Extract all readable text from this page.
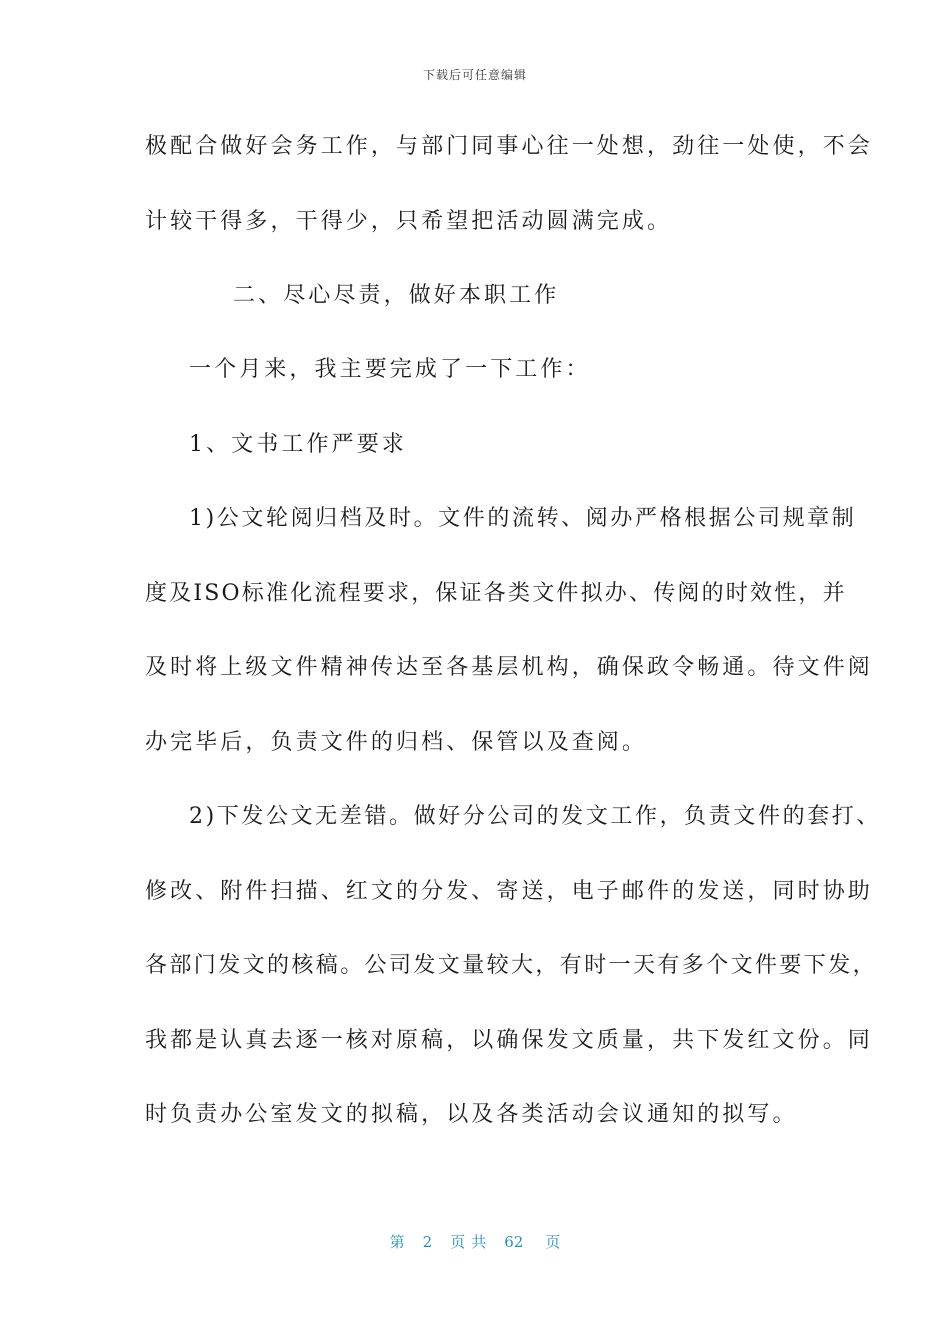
下载后可任意编辑
极配合做好会务工作，与部门同事心往一处想，劲往一处使，不会
计较干得多，干得少，只希望把活动圆满完成。
二、尽心尽责，做好本职工作
一个月来，我主要完成了一下工作：
1、文书工作严要求
1)公文轮阅归档及时。文件的流转、阅办严格根据公司规章制
度及ISO标准化流程要求，保证各类文件拟办、传阅的时效性，并
及时将上级文件精神传达至各基层机构，确保政令畅通。待文件阅
办完毕后，负责文件的归档、保管以及查阅。
2)下发公文无差错。做好分公司的发文工作，负责文件的套打、
修改、附件扫描、红文的分发、寄送，电子邮件的发送，同时协助
各部门发文的核稿。公司发文量较大，有时一天有多个文件要下发，
我都是认真去逐一核对原稿，以确保发文质量，共下发红文份。同
时负责办公室发文的拟稿，以及各类活动会议通知的拟写。
第 2 页 共 62 页
